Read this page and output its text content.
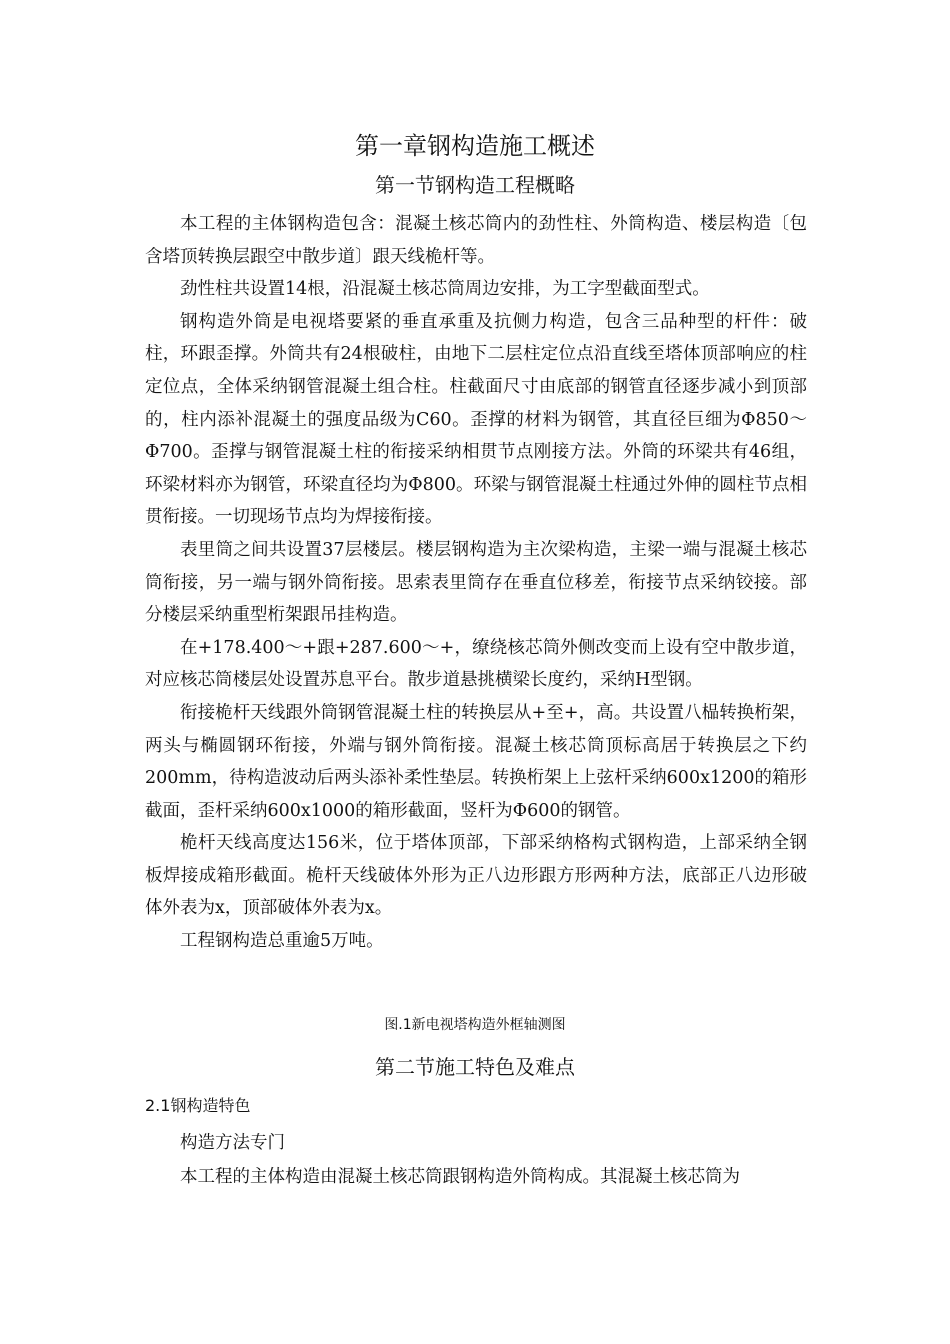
第一章钢构造施工概述
第一节钢构造工程概略

本工程的主体钢构造包含：混凝土核芯筒内的劲性柱、外筒构造、楼层构造〔包含塔顶转换层跟空中散步道〕跟天线桅杆等。

劲性柱共设置14根，沿混凝土核芯筒周边安排，为工字型截面型式。

钢构造外筒是电视塔要紧的垂直承重及抗侧力构造，包含三品种型的杆件：破柱，环跟歪撑。外筒共有24根破柱，由地下二层柱定位点沿直线至塔体顶部响应的柱定位点，全体采纳钢管混凝土组合柱。柱截面尺寸由底部的钢管直径逐步减小到顶部的，柱内添补混凝土的强度品级为C60。歪撑的材料为钢管，其直径巨细为Φ850～Φ700。歪撑与钢管混凝土柱的衔接采纳相贯节点刚接方法。外筒的环梁共有46组，环梁材料亦为钢管，环梁直径均为Φ800。环梁与钢管混凝土柱通过外伸的圆柱节点相贯衔接。一切现场节点均为焊接衔接。

表里筒之间共设置37层楼层。楼层钢构造为主次梁构造，主梁一端与混凝土核芯筒衔接，另一端与钢外筒衔接。思索表里筒存在垂直位移差，衔接节点采纳铰接。部分楼层采纳重型桁架跟吊挂构造。

在+178.400～+跟+287.600～+，缭绕核芯筒外侧改变而上设有空中散步道，对应核芯筒楼层处设置苏息平台。散步道悬挑横梁长度约，采纳H型钢。

衔接桅杆天线跟外筒钢管混凝土柱的转换层从+至+，高。共设置八榀转换桁架，两头与椭圆钢环衔接，外端与钢外筒衔接。混凝土核芯筒顶标高居于转换层之下约200mm，待构造波动后两头添补柔性垫层。转换桁架上上弦杆采纳600x1200的箱形截面，歪杆采纳600x1000的箱形截面，竖杆为Φ600的钢管。

桅杆天线高度达156米，位于塔体顶部，下部采纳格构式钢构造，上部采纳全钢板焊接成箱形截面。桅杆天线破体外形为正八边形跟方形两种方法，底部正八边形破体外表为x，顶部破体外表为x。

工程钢构造总重逾5万吨。

图.1新电视塔构造外框轴测图
第二节施工特色及难点
2.1钢构造特色

构造方法专门

本工程的主体构造由混凝土核芯筒跟钢构造外筒构成。其混凝土核芯筒为
